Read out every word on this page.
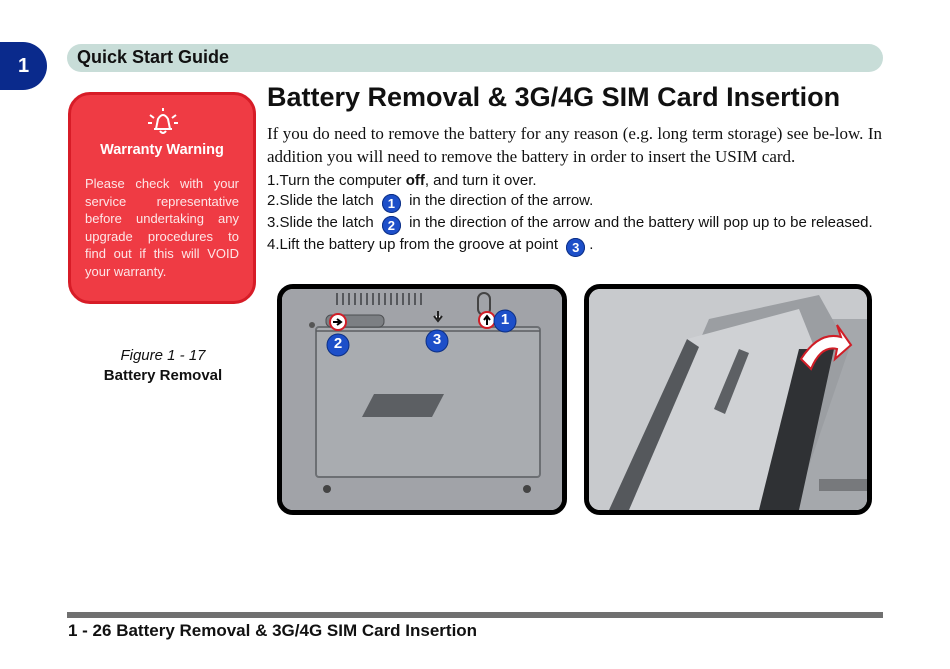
1	Quick Start Guide
Warranty Warning
Please check with your service representative before undertaking any upgrade procedures to find out if this will VOID your warranty.
Figure 1 - 17
Battery Removal
Battery Removal & 3G/4G SIM Card Insertion
If you do need to remove the battery for any reason (e.g. long term storage) see be-low. In addition you will need to remove the battery in order to insert the USIM card.

1.Turn the computer off, and turn it over.

2.Slide the latch 1 in the direction of the arrow.

3.Slide the latch 2 in the direction of the arrow and the battery will pop up to be released.

4.Lift the battery up from the groove at point 3 .

1
2	3
1 - 26 Battery Removal & 3G/4G SIM Card Insertion
